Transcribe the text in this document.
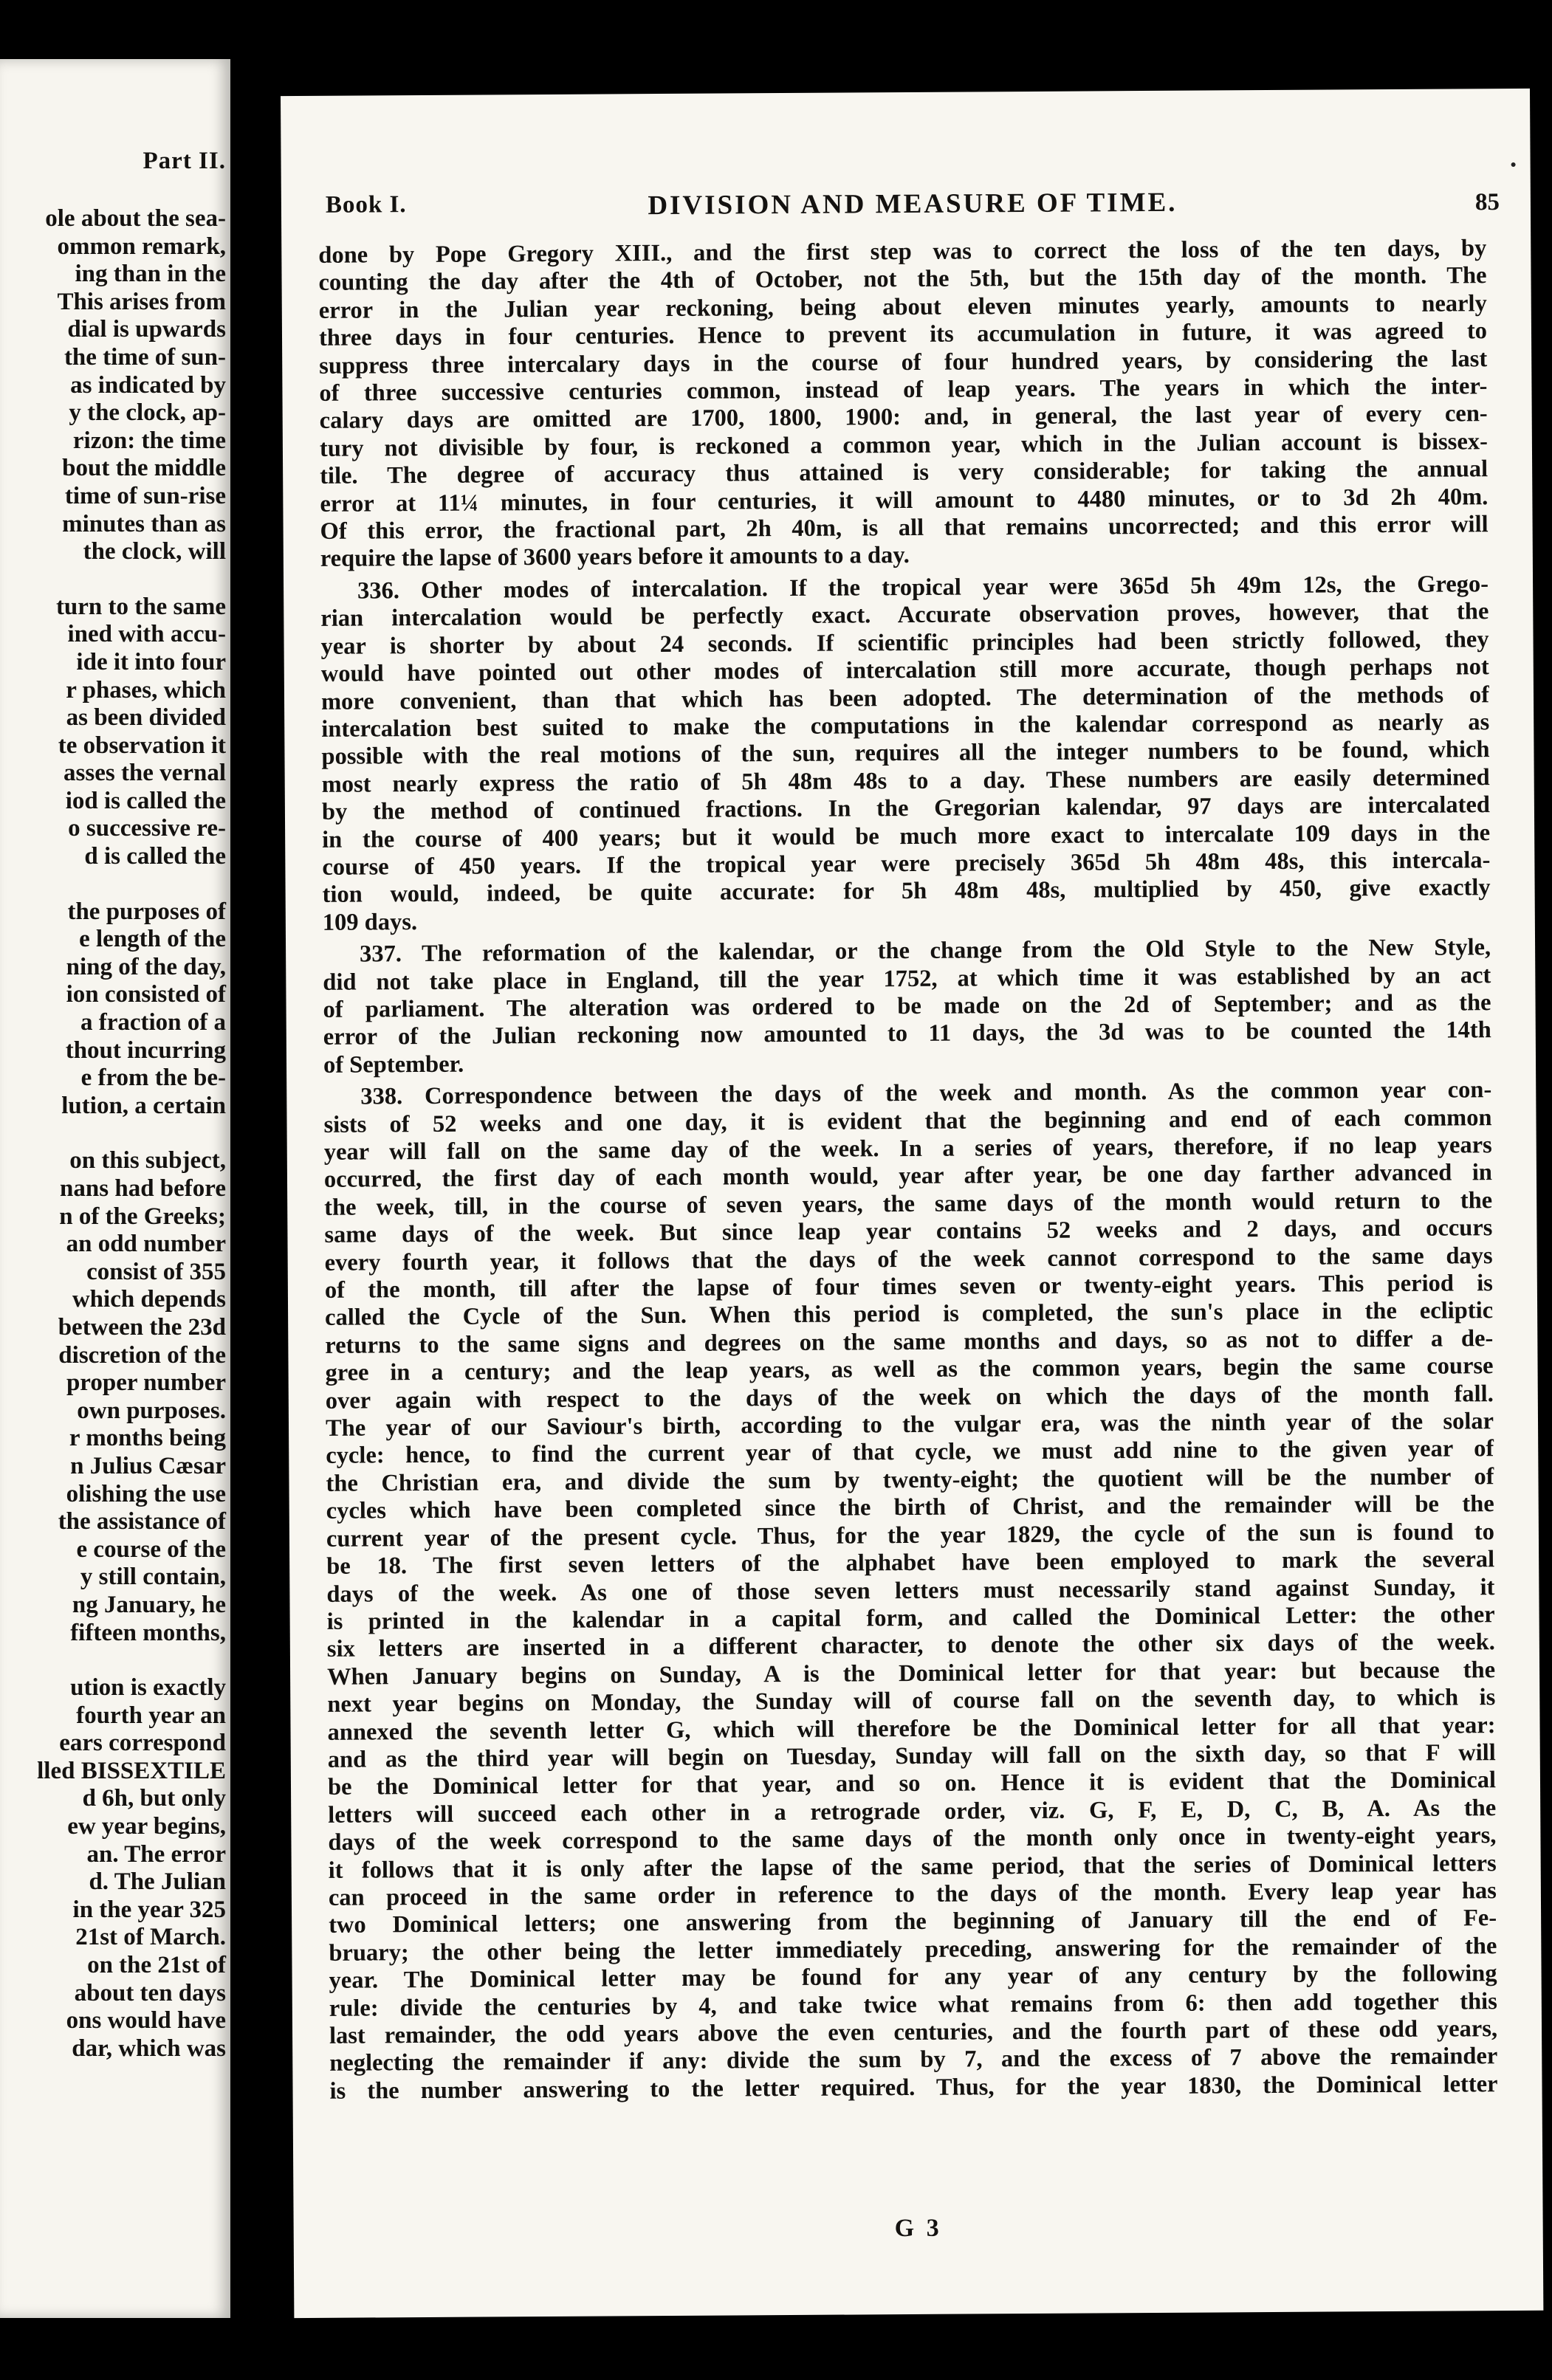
Part II.
ole about the sea-
ommon remark,
ing than in the
This arises from
dial is upwards
the time of sun-
as indicated by
y the clock, ap-
rizon: the time
bout the middle
time of sun-rise
minutes than as
the clock, will
turn to the same
ined with accu-
ide it into four
r phases, which
as been divided
te observation it
asses the vernal
iod is called the
o successive re-
d is called the
the purposes of
e length of the
ning of the day,
ion consisted of
a fraction of a
thout incurring
e from the be-
lution, a certain
on this subject,
nans had before
n of the Greeks;
an odd number
consist of 355
which depends
between the 23d
discretion of the
proper number
own purposes.
r months being
n Julius Cæsar
olishing the use
the assistance of
e course of the
y still contain,
ng January, he
fifteen months,
ution is exactly
fourth year an
ears correspond
lled BISSEXTILE
d 6h, but only
ew year begins,
an. The error
d. The Julian
in the year 325
21st of March.
on the 21st of
about ten days
ons would have
dar, which was
Book I.	DIVISION AND MEASURE OF TIME.	85
done by Pope Gregory XIII., and the first step was to correct the loss of the ten days, by
counting the day after the 4th of October, not the 5th, but the 15th day of the month. The
error in the Julian year reckoning, being about eleven minutes yearly, amounts to nearly
three days in four centuries. Hence to prevent its accumulation in future, it was agreed to
suppress three intercalary days in the course of four hundred years, by considering the last
of three successive centuries common, instead of leap years. The years in which the inter-
calary days are omitted are 1700, 1800, 1900: and, in general, the last year of every cen-
tury not divisible by four, is reckoned a common year, which in the Julian account is bissex-
tile. The degree of accuracy thus attained is very considerable; for taking the annual
error at 11¼ minutes, in four centuries, it will amount to 4480 minutes, or to 3d 2h 40m.
Of this error, the fractional part, 2h 40m, is all that remains uncorrected; and this error will
require the lapse of 3600 years before it amounts to a day.
336. Other modes of intercalation. If the tropical year were 365d 5h 49m 12s, the Grego-
rian intercalation would be perfectly exact. Accurate observation proves, however, that the
year is shorter by about 24 seconds. If scientific principles had been strictly followed, they
would have pointed out other modes of intercalation still more accurate, though perhaps not
more convenient, than that which has been adopted. The determination of the methods of
intercalation best suited to make the computations in the kalendar correspond as nearly as
possible with the real motions of the sun, requires all the integer numbers to be found, which
most nearly express the ratio of 5h 48m 48s to a day. These numbers are easily determined
by the method of continued fractions. In the Gregorian kalendar, 97 days are intercalated
in the course of 400 years; but it would be much more exact to intercalate 109 days in the
course of 450 years. If the tropical year were precisely 365d 5h 48m 48s, this intercala-
tion would, indeed, be quite accurate: for 5h 48m 48s, multiplied by 450, give exactly
109 days.
337. The reformation of the kalendar, or the change from the Old Style to the New Style,
did not take place in England, till the year 1752, at which time it was established by an act
of parliament. The alteration was ordered to be made on the 2d of September; and as the
error of the Julian reckoning now amounted to 11 days, the 3d was to be counted the 14th
of September.
338. Correspondence between the days of the week and month. As the common year con-
sists of 52 weeks and one day, it is evident that the beginning and end of each common
year will fall on the same day of the week. In a series of years, therefore, if no leap years
occurred, the first day of each month would, year after year, be one day farther advanced in
the week, till, in the course of seven years, the same days of the month would return to the
same days of the week. But since leap year contains 52 weeks and 2 days, and occurs
every fourth year, it follows that the days of the week cannot correspond to the same days
of the month, till after the lapse of four times seven or twenty-eight years. This period is
called the Cycle of the Sun. When this period is completed, the sun's place in the ecliptic
returns to the same signs and degrees on the same months and days, so as not to differ a de-
gree in a century; and the leap years, as well as the common years, begin the same course
over again with respect to the days of the week on which the days of the month fall.
The year of our Saviour's birth, according to the vulgar era, was the ninth year of the solar
cycle: hence, to find the current year of that cycle, we must add nine to the given year of
the Christian era, and divide the sum by twenty-eight; the quotient will be the number of
cycles which have been completed since the birth of Christ, and the remainder will be the
current year of the present cycle. Thus, for the year 1829, the cycle of the sun is found to
be 18. The first seven letters of the alphabet have been employed to mark the several
days of the week. As one of those seven letters must necessarily stand against Sunday, it
is printed in the kalendar in a capital form, and called the Dominical Letter: the other
six letters are inserted in a different character, to denote the other six days of the week.
When January begins on Sunday, A is the Dominical letter for that year: but because the
next year begins on Monday, the Sunday will of course fall on the seventh day, to which is
annexed the seventh letter G, which will therefore be the Dominical letter for all that year:
and as the third year will begin on Tuesday, Sunday will fall on the sixth day, so that F will
be the Dominical letter for that year, and so on. Hence it is evident that the Dominical
letters will succeed each other in a retrograde order, viz. G, F, E, D, C, B, A. As the
days of the week correspond to the same days of the month only once in twenty-eight years,
it follows that it is only after the lapse of the same period, that the series of Dominical letters
can proceed in the same order in reference to the days of the month. Every leap year has
two Dominical letters; one answering from the beginning of January till the end of Fe-
bruary; the other being the letter immediately preceding, answering for the remainder of the
year. The Dominical letter may be found for any year of any century by the following
rule: divide the centuries by 4, and take twice what remains from 6: then add together this
last remainder, the odd years above the even centuries, and the fourth part of these odd years,
neglecting the remainder if any: divide the sum by 7, and the excess of 7 above the remainder
is the number answering to the letter required. Thus, for the year 1830, the Dominical letter
G 3
